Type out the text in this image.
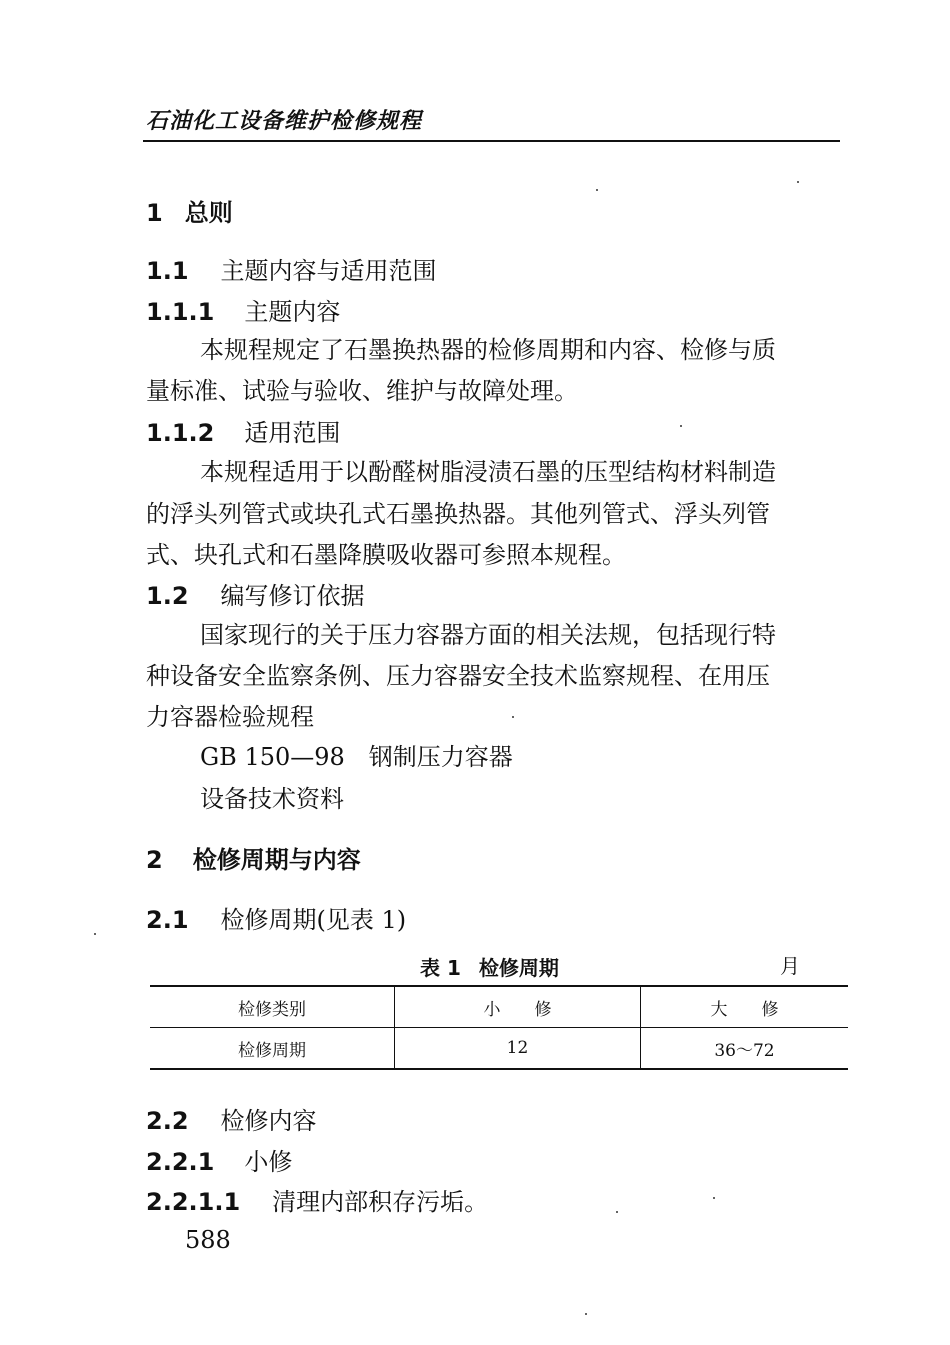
石油化工设备维护检修规程
1 总则
1.1 主题内容与适用范围
1.1.1 主题内容
本规程规定了石墨换热器的检修周期和内容、检修与质
量标准、试验与验收、维护与故障处理。
1.1.2 适用范围
本规程适用于以酚醛树脂浸渍石墨的压型结构材料制造
的浮头列管式或块孔式石墨换热器。其他列管式、浮头列管
式、块孔式和石墨降膜吸收器可参照本规程。
1.2 编写修订依据
国家现行的关于压力容器方面的相关法规，包括现行特
种设备安全监察条例、压力容器安全技术监察规程、在用压
力容器检验规程
GB 150—98 钢制压力容器
设备技术资料
2 检修周期与内容
2.1 检修周期(见表 1)
表 1 检修周期	月
检修类别	小　　修	大　　修
检修周期	12	36～72
2.2 检修内容
2.2.1 小修
2.2.1.1 清理内部积存污垢。
588
